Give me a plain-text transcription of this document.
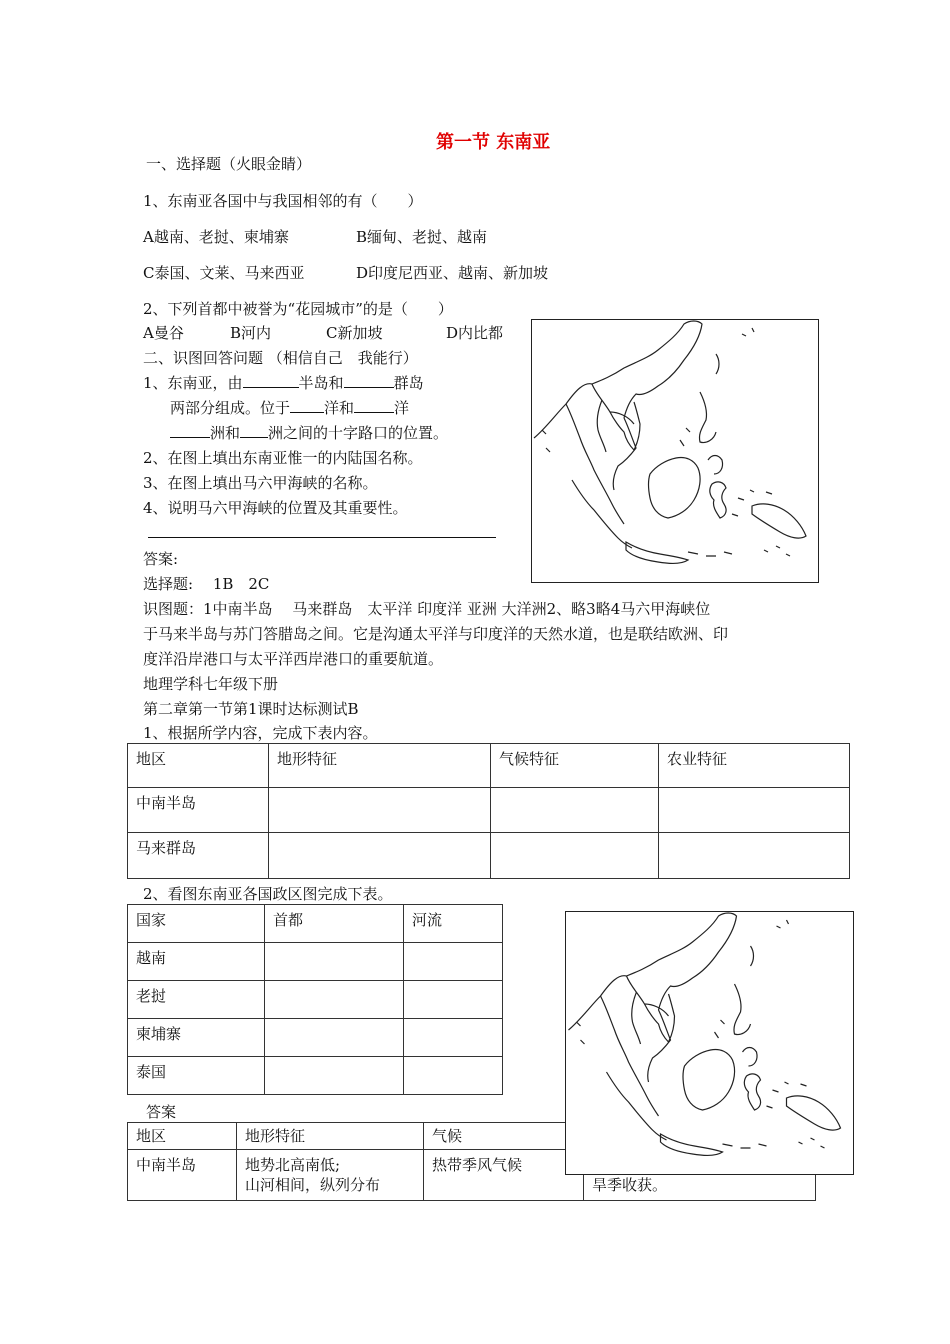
第一节 东南亚
一、选择题（火眼金睛）
1、东南亚各国中与我国相邻的有（　　）
A越南、老挝、柬埔寨	B缅甸、老挝、越南
C泰国、文莱、马来西亚	D印度尼西亚、越南、新加坡
2、下列首都中被誉为“花园城市”的是（　　）
A曼谷	B河内	C新加坡	D内比都
二、识图回答问题 （相信自己　我能行）
1、东南亚，由	半岛和	群岛
两部分组成。位于 洋和	洋
洲和 洲之间的十字路口的位置。
2、在图上填出东南亚惟一的内陆国名称。
3、在图上填出马六甲海峡的名称。
4、说明马六甲海峡的位置及其重要性。
答案:
选择题:　 1B　2C
识图题：1中南半岛　 马来群岛　太平洋 印度洋 亚洲 大洋洲2、略3略4马六甲海峡位
于马来半岛与苏门答腊岛之间。它是沟通太平洋与印度洋的天然水道，也是联结欧洲、印
度洋沿岸港口与太平洋西岸港口的重要航道。
地理学科七年级下册
第二章第一节第1课时达标测试B
1、根据所学内容，完成下表内容。
地区	地形特征	气候特征	农业特征
中南半岛			
马来群岛			
2、看图东南亚各国政区图完成下表。
国家	首都	河流
越南		
老挝		
柬埔寨		
泰国		
答案
地区	地形特征	气候	
中南半岛	地势北高南低;
山河相间，纵列分布	热带季风气候	旱季收获。
